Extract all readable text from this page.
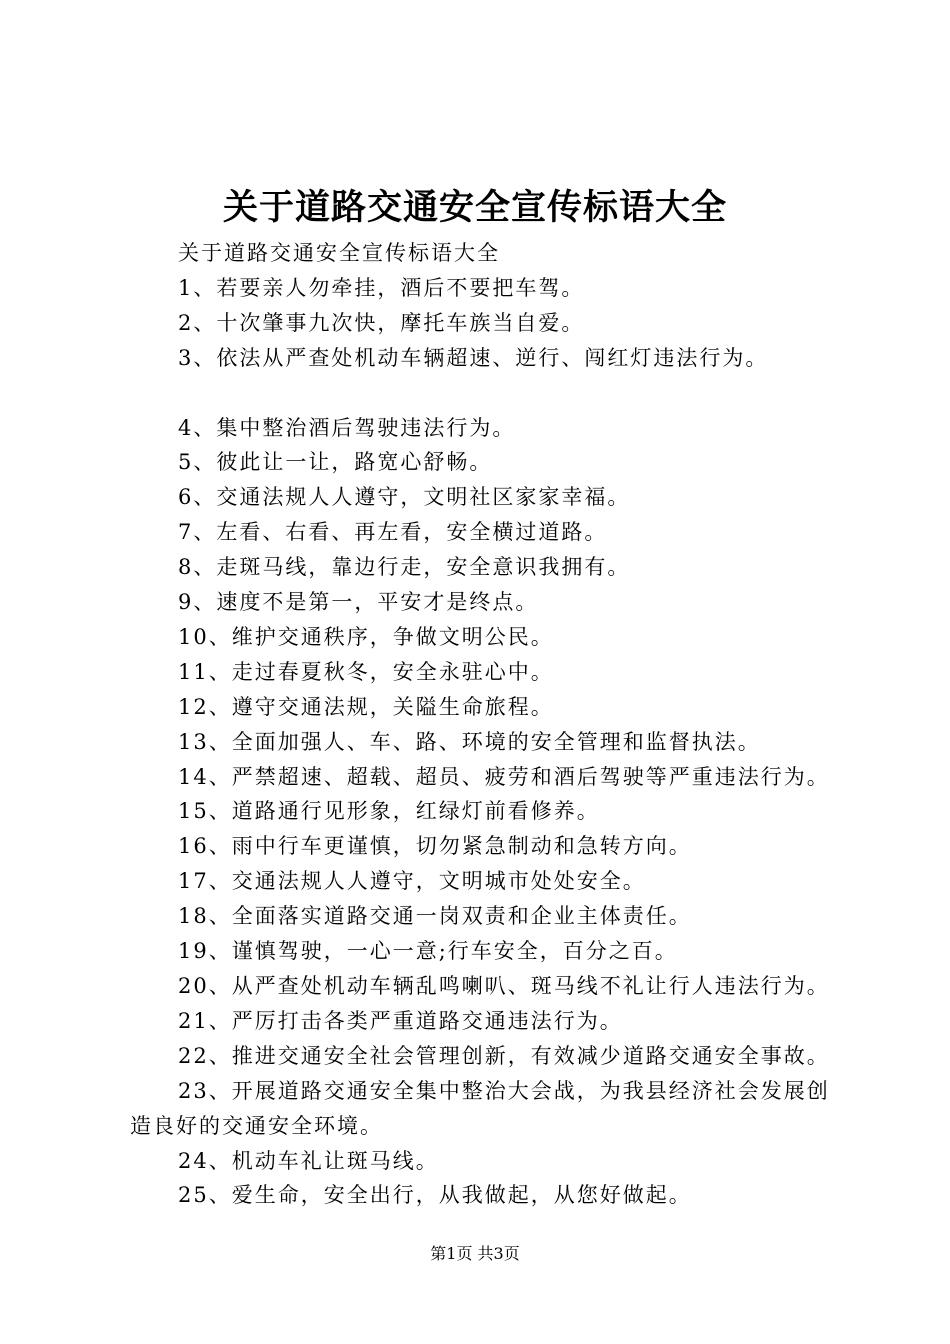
关于道路交通安全宣传标语大全

关于道路交通安全宣传标语大全

1、若要亲人勿牵挂，酒后不要把车驾。

2、十次肇事九次快，摩托车族当自爱。

3、依法从严查处机动车辆超速、逆行、闯红灯违法行为。

4、集中整治酒后驾驶违法行为。

5、彼此让一让，路宽心舒畅。

6、交通法规人人遵守，文明社区家家幸福。

7、左看、右看、再左看，安全横过道路。

8、走斑马线，靠边行走，安全意识我拥有。

9、速度不是第一，平安才是终点。

10、维护交通秩序，争做文明公民。

11、走过春夏秋冬，安全永驻心中。

12、遵守交通法规，关隘生命旅程。

13、全面加强人、车、路、环境的安全管理和监督执法。

14、严禁超速、超载、超员、疲劳和酒后驾驶等严重违法行为。

15、道路通行见形象，红绿灯前看修养。

16、雨中行车更谨慎，切勿紧急制动和急转方向。

17、交通法规人人遵守，文明城市处处安全。

18、全面落实道路交通一岗双责和企业主体责任。

19、谨慎驾驶，一心一意;行车安全，百分之百。

20、从严查处机动车辆乱鸣喇叭、斑马线不礼让行人违法行为。

21、严厉打击各类严重道路交通违法行为。

22、推进交通安全社会管理创新，有效减少道路交通安全事故。

23、开展道路交通安全集中整治大会战，为我县经济社会发展创造良好的交通安全环境。

24、机动车礼让斑马线。

25、爱生命，安全出行，从我做起，从您好做起。

第1页 共3页
